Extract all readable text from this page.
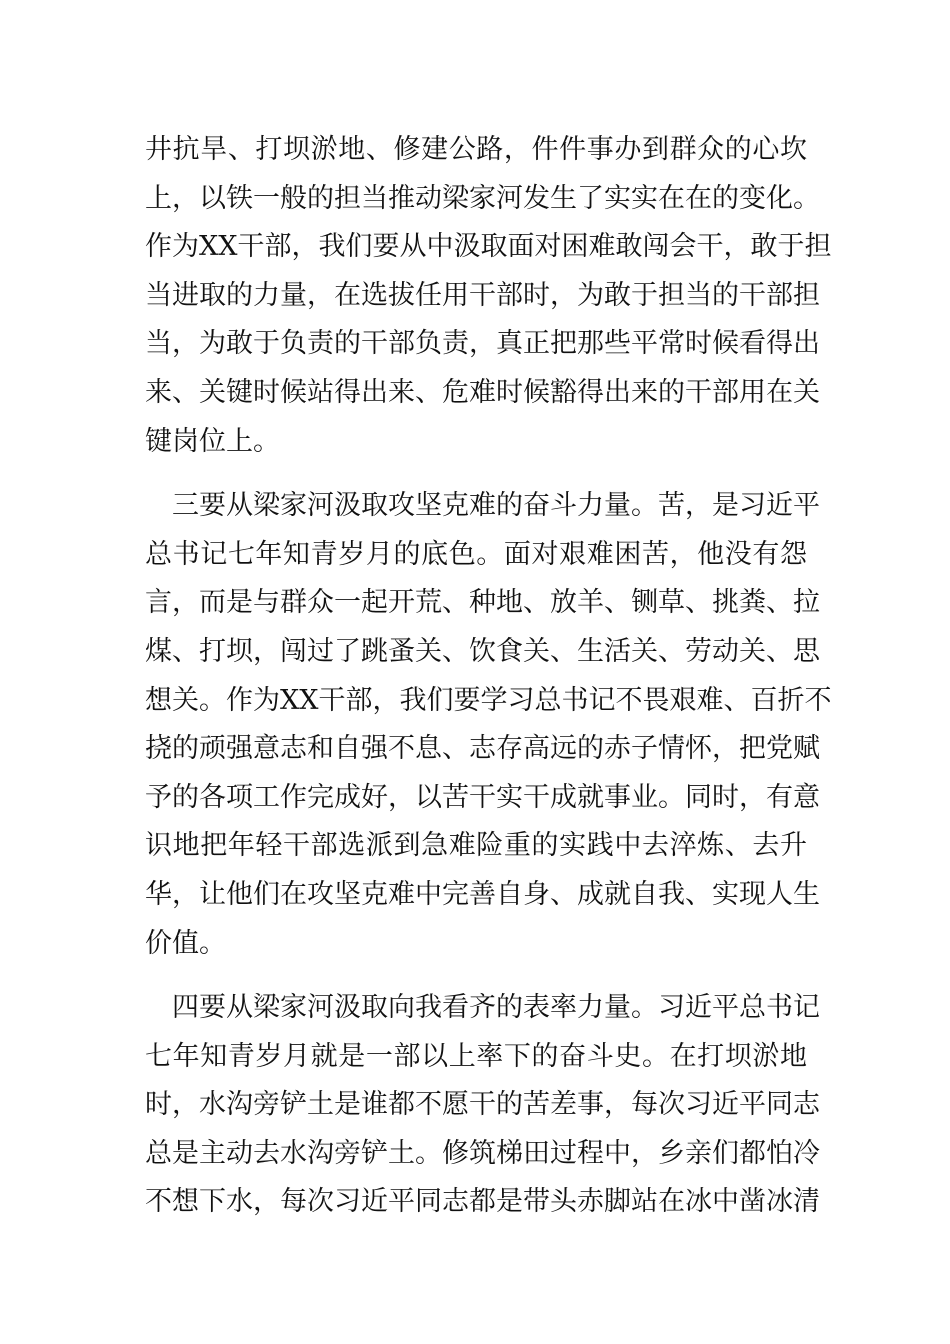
井抗旱、打坝淤地、修建公路，件件事办到群众的心坎
上，以铁一般的担当推动梁家河发生了实实在在的变化。
作为XX干部，我们要从中汲取面对困难敢闯会干，敢于担
当进取的力量，在选拔任用干部时，为敢于担当的干部担
当，为敢于负责的干部负责，真正把那些平常时候看得出
来、关键时候站得出来、危难时候豁得出来的干部用在关
键岗位上。
　三要从梁家河汲取攻坚克难的奋斗力量。苦，是习近平
总书记七年知青岁月的底色。面对艰难困苦，他没有怨
言，而是与群众一起开荒、种地、放羊、铡草、挑粪、拉
煤、打坝，闯过了跳蚤关、饮食关、生活关、劳动关、思
想关。作为XX干部，我们要学习总书记不畏艰难、百折不
挠的顽强意志和自强不息、志存高远的赤子情怀，把党赋
予的各项工作完成好，以苦干实干成就事业。同时，有意
识地把年轻干部选派到急难险重的实践中去淬炼、去升
华，让他们在攻坚克难中完善自身、成就自我、实现人生
价值。
　四要从梁家河汲取向我看齐的表率力量。习近平总书记
七年知青岁月就是一部以上率下的奋斗史。在打坝淤地
时，水沟旁铲土是谁都不愿干的苦差事，每次习近平同志
总是主动去水沟旁铲土。修筑梯田过程中，乡亲们都怕冷
不想下水，每次习近平同志都是带头赤脚站在冰中凿冰清
